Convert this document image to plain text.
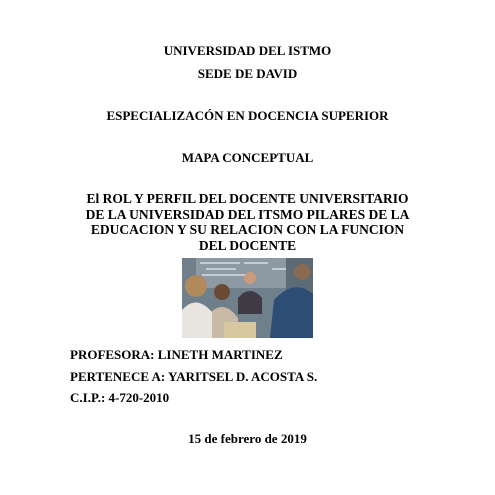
UNIVERSIDAD DEL ISTMO
SEDE DE DAVID
ESPECIALIZACÓN EN DOCENCIA SUPERIOR
MAPA CONCEPTUAL
El ROL Y PERFIL DEL DOCENTE UNIVERSITARIO
DE LA UNIVERSIDAD DEL ITSMO PILARES DE LA
EDUCACION Y SU RELACION CON LA FUNCION
DEL DOCENTE
PROFESORA: LINETH MARTINEZ
PERTENECE A: YARITSEL D. ACOSTA S.
C.I.P.: 4-720-2010
15 de febrero de 2019
